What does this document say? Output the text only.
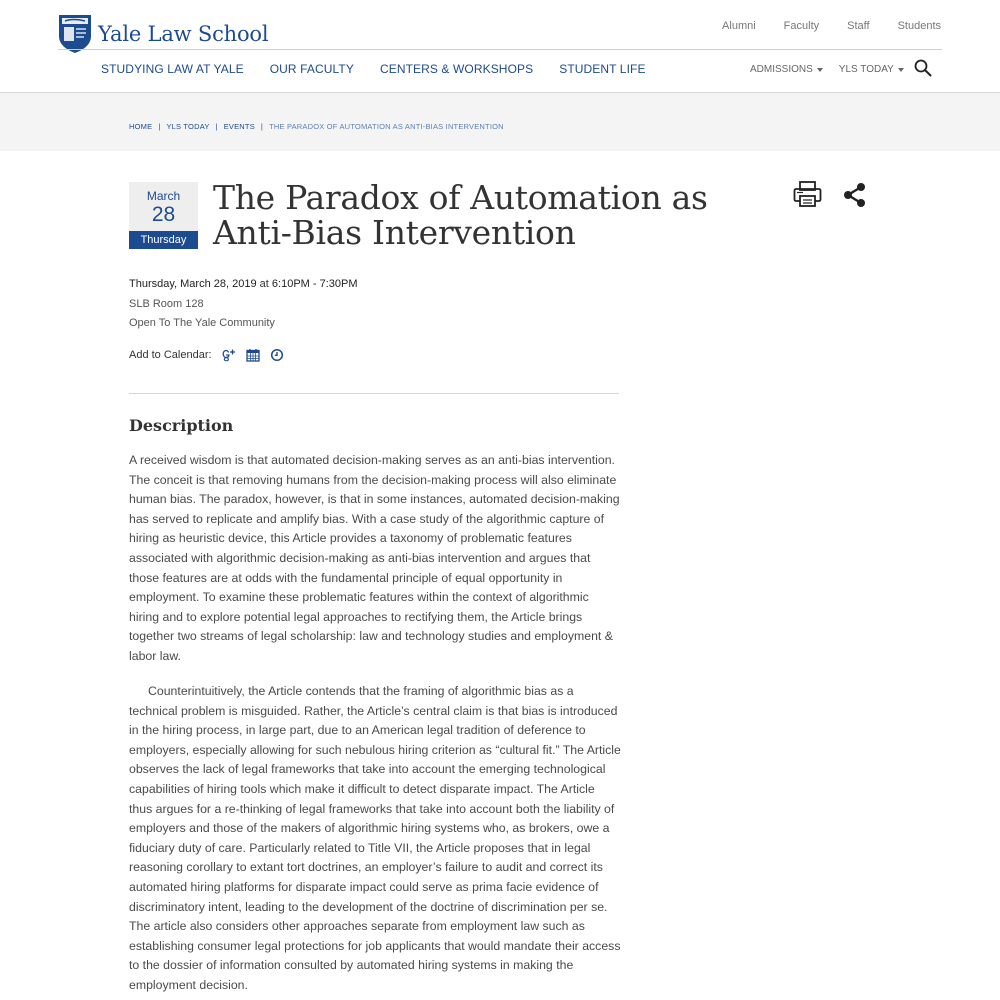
Yale Law School	Alumni	Faculty	Staff	Students
STUDYING LAW AT YALE OUR FACULTY CENTERS & WORKSHOPS STUDENT LIFE	ADMISSIONS	YLS TODAY
HOME | YLS TODAY | EVENTS | THE PARADOX OF AUTOMATION AS ANTI-BIAS INTERVENTION
March
28
Thursday
The Paradox of Automation as Anti-Bias Intervention
Thursday, March 28, 2019 at 6:10PM - 7:30PM
SLB Room 128
Open To The Yale Community
Add to Calendar:
Description

A received wisdom is that automated decision-making serves as an anti-bias intervention. The conceit is that removing humans from the decision-making process will also eliminate human bias. The paradox, however, is that in some instances, automated decision-making has served to replicate and amplify bias. With a case study of the algorithmic capture of hiring as heuristic device, this Article provides a taxonomy of problematic features associated with algorithmic decision-making as anti-bias intervention and argues that those features are at odds with the fundamental principle of equal opportunity in employment. To examine these problematic features within the context of algorithmic hiring and to explore potential legal approaches to rectifying them, the Article brings together two streams of legal scholarship: law and technology studies and employment & labor law.

Counterintuitively, the Article contends that the framing of algorithmic bias as a technical problem is misguided. Rather, the Article’s central claim is that bias is introduced in the hiring process, in large part, due to an American legal tradition of deference to employers, especially allowing for such nebulous hiring criterion as “cultural fit.” The Article observes the lack of legal frameworks that take into account the emerging technological capabilities of hiring tools which make it difficult to detect disparate impact. The Article thus argues for a re-thinking of legal frameworks that take into account both the liability of employers and those of the makers of algorithmic hiring systems who, as brokers, owe a fiduciary duty of care. Particularly related to Title VII, the Article proposes that in legal reasoning corollary to extant tort doctrines, an employer’s failure to audit and correct its automated hiring platforms for disparate impact could serve as prima facie evidence of discriminatory intent, leading to the development of the doctrine of discrimination per se. The article also considers other approaches separate from employment law such as establishing consumer legal protections for job applicants that would mandate their access to the dossier of information consulted by automated hiring systems in making the employment decision.
